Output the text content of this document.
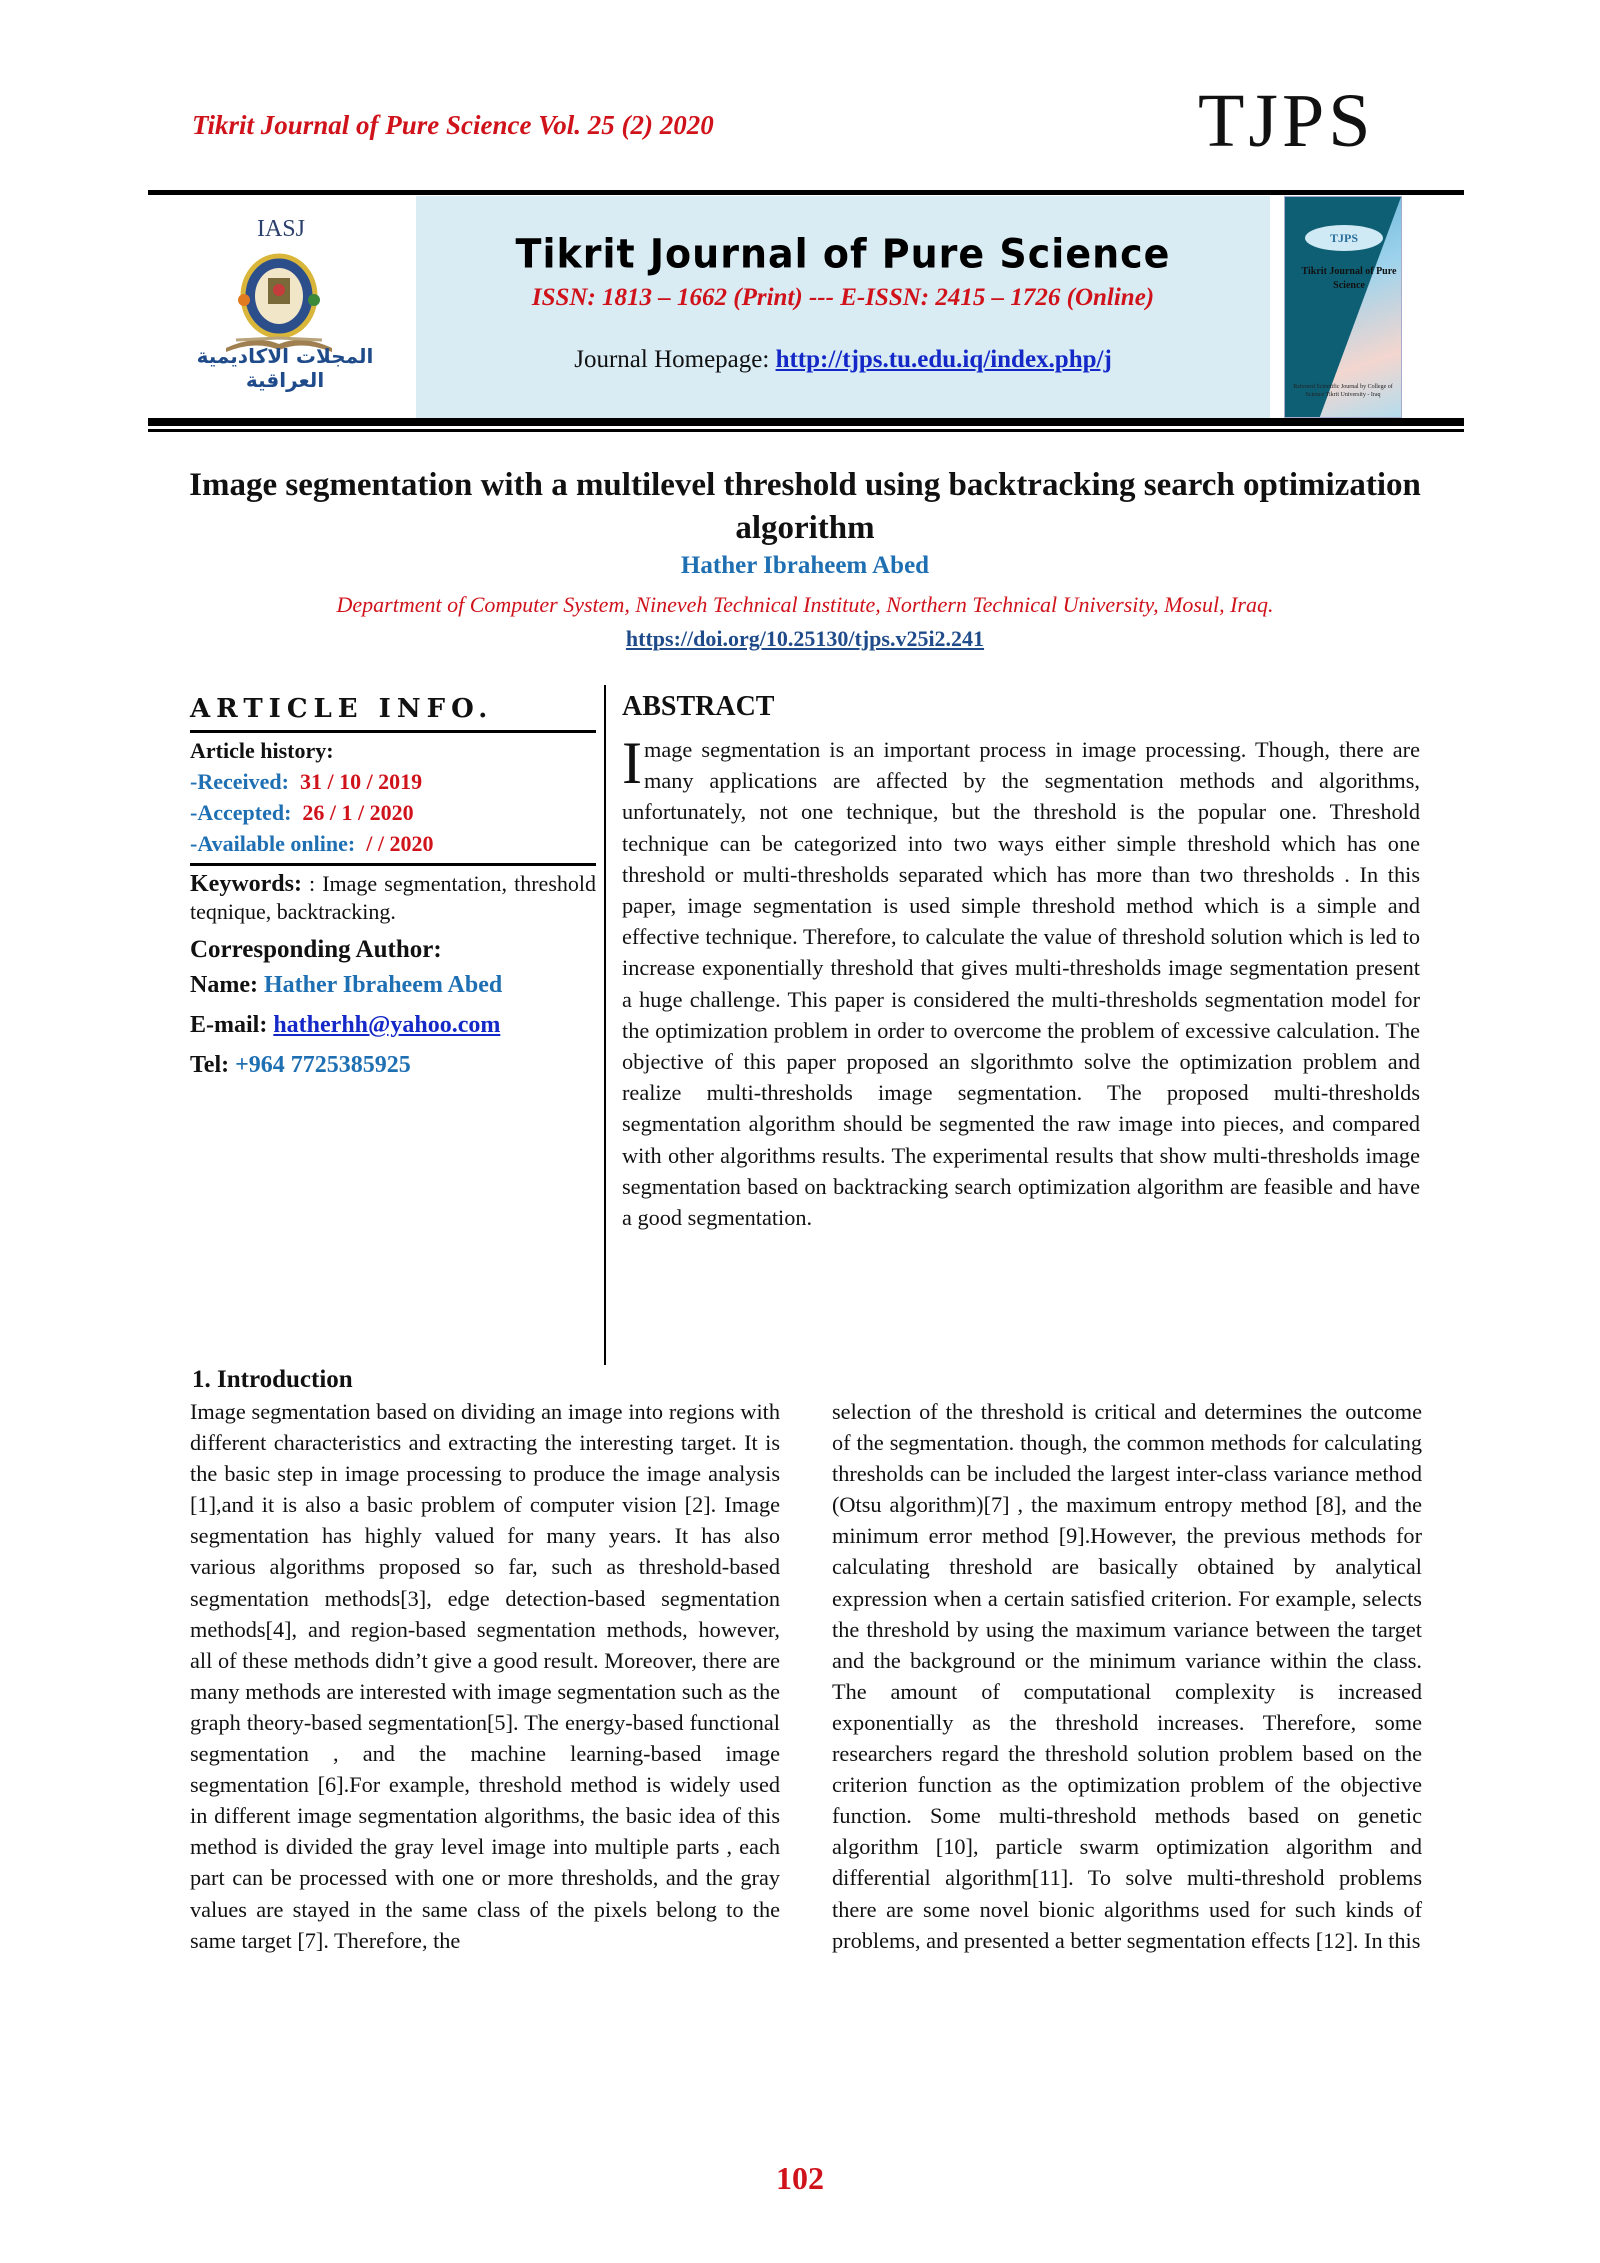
Tikrit Journal of Pure Science Vol. 25 (2) 2020	TJPS
IASJ
المجلات الاكاديمية العراقية
Tikrit Journal of Pure Science
ISSN: 1813 – 1662 (Print) --- E-ISSN: 2415 – 1726 (Online)
Journal Homepage: http://tjps.tu.edu.iq/index.php/j
TJPS
Tikrit Journal of Pure Science
Refereed Scientific Journal by College of Science Tikrit University - Iraq
Image segmentation with a multilevel threshold using backtracking search optimization algorithm
Hather Ibraheem Abed
Department of Computer System, Nineveh Technical Institute, Northern Technical University, Mosul, Iraq.
https://doi.org/10.25130/tjps.v25i2.241
ARTICLE INFO.
Article history:
-Received: 31 / 10 / 2019
-Accepted: 26 / 1 / 2020
-Available online: / / 2020
Keywords: : Image segmentation, threshold teqnique, backtracking.
Corresponding Author:
Name: Hather Ibraheem Abed
E-mail: hatherhh@yahoo.com
Tel: +964 7725385925
ABSTRACT
Image segmentation is an important process in image processing. Though, there are many applications are affected by the segmentation methods and algorithms, unfortunately, not one technique, but the threshold is the popular one. Threshold technique can be categorized into two ways either simple threshold which has one threshold or multi-thresholds separated which has more than two thresholds . In this paper, image segmentation is used simple threshold method which is a simple and effective technique. Therefore, to calculate the value of threshold solution which is led to increase exponentially threshold that gives multi-thresholds image segmentation present a huge challenge. This paper is considered the multi-thresholds segmentation model for the optimization problem in order to overcome the problem of excessive calculation. The objective of this paper proposed an slgorithmto solve the optimization problem and realize multi-thresholds image segmentation. The proposed multi-thresholds segmentation algorithm should be segmented the raw image into pieces, and compared with other algorithms results. The experimental results that show multi-thresholds image segmentation based on backtracking search optimization algorithm are feasible and have a good segmentation.
1. Introduction
Image segmentation based on dividing an image into regions with different characteristics and extracting the interesting target. It is the basic step in image processing to produce the image analysis [1],and it is also a basic problem of computer vision [2]. Image segmentation has highly valued for many years. It has also various algorithms proposed so far, such as threshold-based segmentation methods[3], edge detection-based segmentation methods[4], and region-based segmentation methods, however, all of these methods didn’t give a good result. Moreover, there are many methods are interested with image segmentation such as the graph theory-based segmentation[5]. The energy-based functional segmentation , and the machine learning-based image segmentation [6].For example, threshold method is widely used in different image segmentation algorithms, the basic idea of this method is divided the gray level image into multiple parts , each part can be processed with one or more thresholds, and the gray values are stayed in the same class of the pixels belong to the same target [7]. Therefore, the
selection of the threshold is critical and determines the outcome of the segmentation. though, the common methods for calculating thresholds can be included the largest inter-class variance method (Otsu algorithm)[7] , the maximum entropy method [8], and the minimum error method [9].However, the previous methods for calculating threshold are basically obtained by analytical expression when a certain satisfied criterion. For example, selects the threshold by using the maximum variance between the target and the background or the minimum variance within the class. The amount of computational complexity is increased exponentially as the threshold increases. Therefore, some researchers regard the threshold solution problem based on the criterion function as the optimization problem of the objective function. Some multi-threshold methods based on genetic algorithm [10], particle swarm optimization algorithm and differential algorithm[11]. To solve multi-threshold problems there are some novel bionic algorithms used for such kinds of problems, and presented a better segmentation effects [12]. In this
102
